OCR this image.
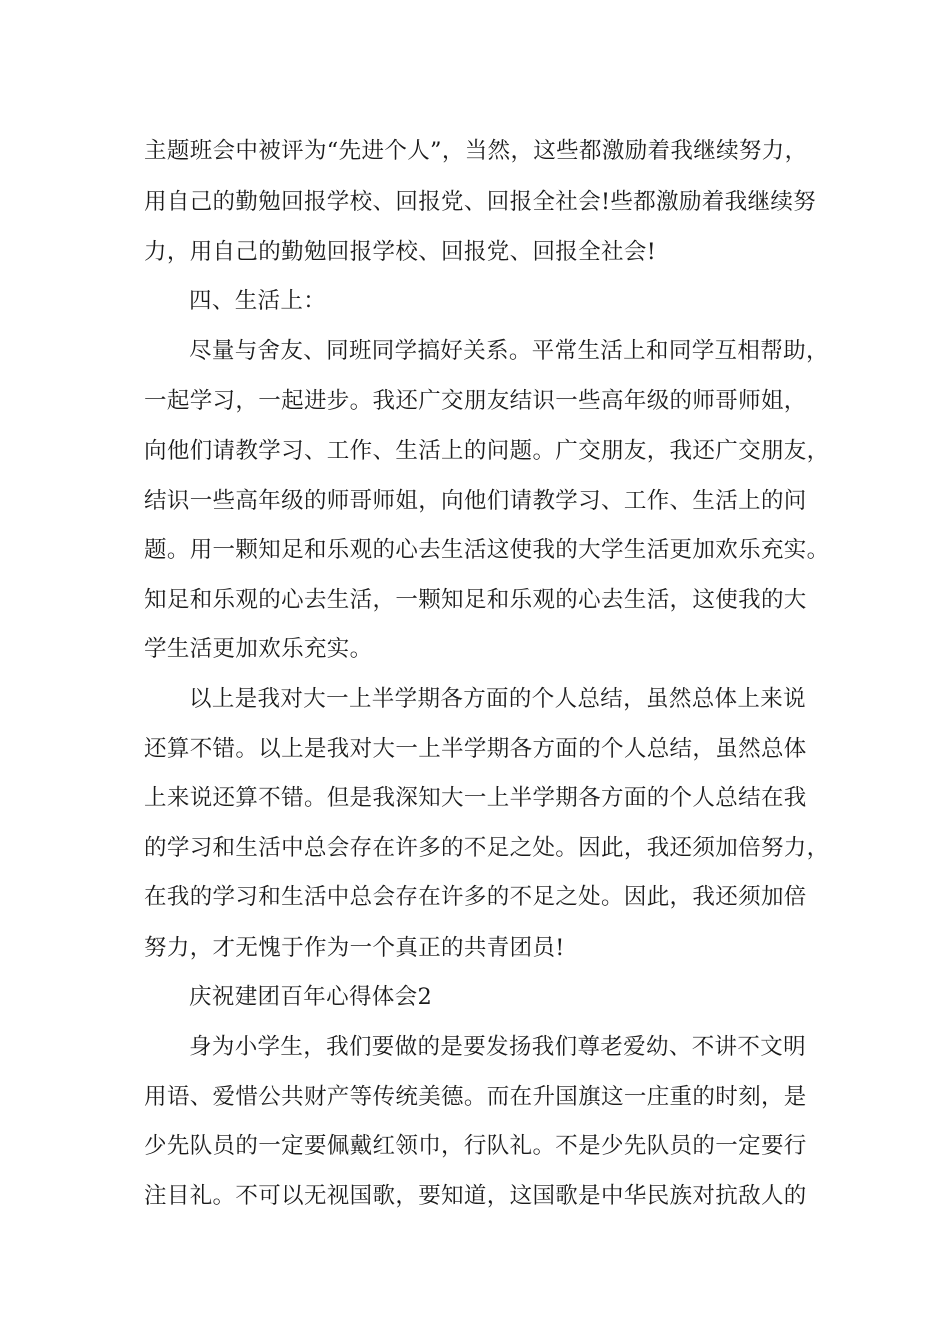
主题班会中被评为“先进个人”，当然，这些都激励着我继续努力，
用自己的勤勉回报学校、回报党、回报全社会!些都激励着我继续努
力，用自己的勤勉回报学校、回报党、回报全社会!
四、生活上：
尽量与舍友、同班同学搞好关系。平常生活上和同学互相帮助，
一起学习，一起进步。我还广交朋友结识一些高年级的师哥师姐，
向他们请教学习、工作、生活上的问题。广交朋友，我还广交朋友，
结识一些高年级的师哥师姐，向他们请教学习、工作、生活上的问
题。用一颗知足和乐观的心去生活这使我的大学生活更加欢乐充实。
知足和乐观的心去生活，一颗知足和乐观的心去生活，这使我的大
学生活更加欢乐充实。
以上是我对大一上半学期各方面的个人总结，虽然总体上来说
还算不错。以上是我对大一上半学期各方面的个人总结，虽然总体
上来说还算不错。但是我深知大一上半学期各方面的个人总结在我
的学习和生活中总会存在许多的不足之处。因此，我还须加倍努力，
在我的学习和生活中总会存在许多的不足之处。因此，我还须加倍
努力，才无愧于作为一个真正的共青团员!
庆祝建团百年心得体会2
身为小学生，我们要做的是要发扬我们尊老爱幼、不讲不文明
用语、爱惜公共财产等传统美德。而在升国旗这一庄重的时刻，是
少先队员的一定要佩戴红领巾，行队礼。不是少先队员的一定要行
注目礼。不可以无视国歌，要知道，这国歌是中华民族对抗敌人的
